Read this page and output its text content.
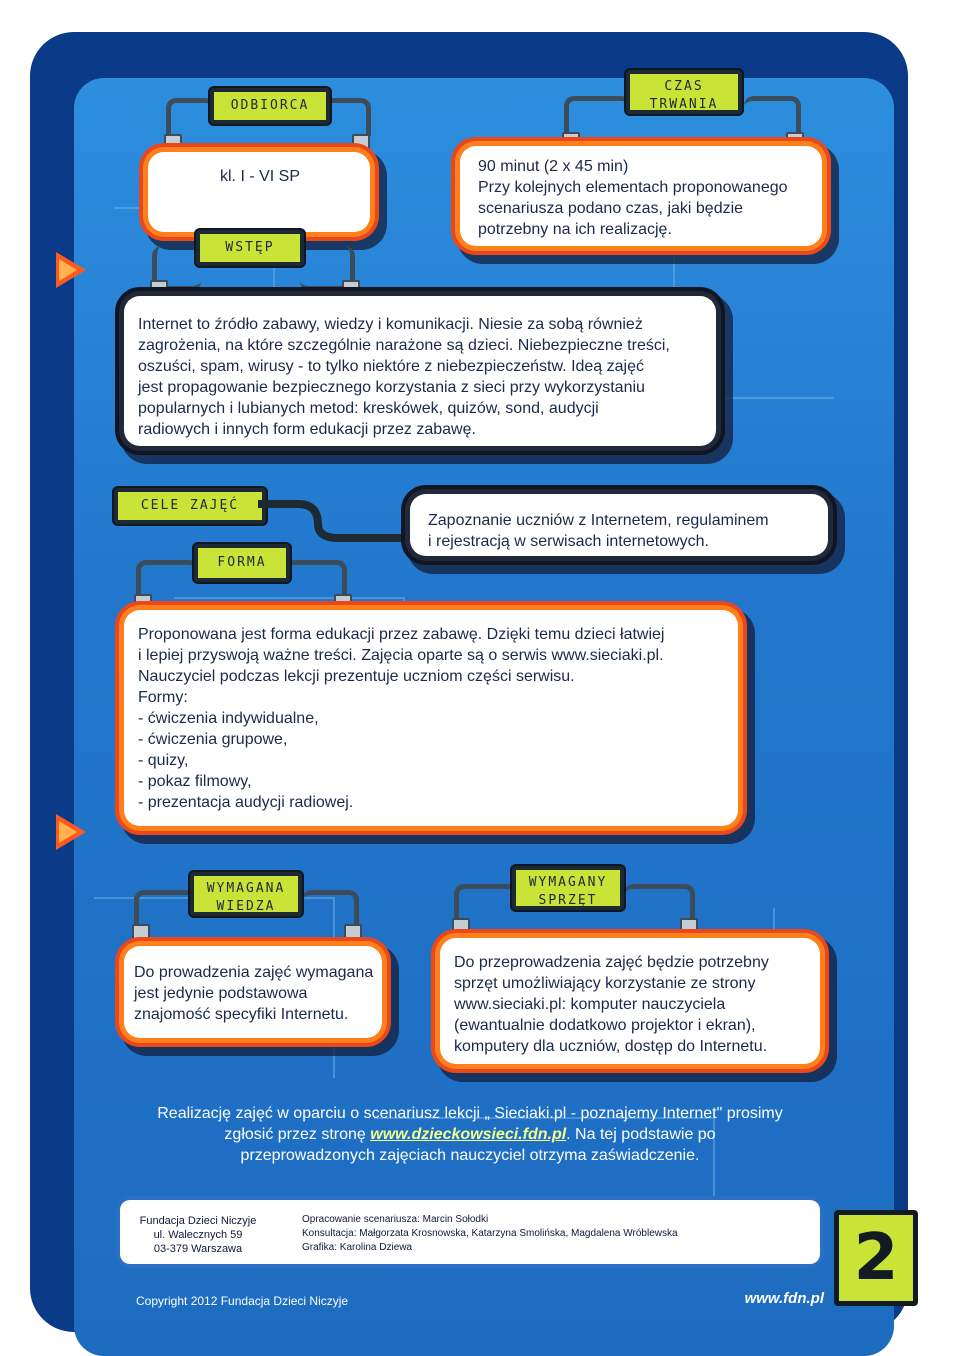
ODBIORCA
kl. I - VI SP
WSTĘP
CZAS TRWANIA
90 minut (2 x 45 min)
Przy kolejnych elementach proponowanego
scenariusza podano czas, jaki będzie
potrzebny na ich realizację.
Internet to źródło zabawy, wiedzy i komunikacji. Niesie za sobą również
zagrożenia, na które szczególnie narażone są dzieci. Niebezpieczne treści,
oszuści, spam, wirusy - to tylko niektóre z niebezpieczeństw. Ideą zajęć
jest propagowanie bezpiecznego korzystania z sieci przy wykorzystaniu
popularnych i lubianych metod: kreskówek, quizów, sond, audycji
radiowych i innych form edukacji przez zabawę.
CELE ZAJĘĆ
Zapoznanie uczniów z Internetem, regulaminem
i rejestracją w serwisach internetowych.
FORMA
Proponowana jest forma edukacji przez zabawę. Dzięki temu dzieci łatwiej
i lepiej przyswoją ważne treści. Zajęcia oparte są o serwis www.sieciaki.pl.
Nauczyciel podczas lekcji prezentuje uczniom części serwisu.
Formy:
- ćwiczenia indywidualne,
- ćwiczenia grupowe,
- quizy,
- pokaz filmowy,
- prezentacja audycji radiowej.
WYMAGANA WIEDZA
Do prowadzenia zajęć wymagana
jest jedynie podstawowa
znajomość specyfiki Internetu.
WYMAGANY SPRZĘT
Do przeprowadzenia zajęć będzie potrzebny
sprzęt umożliwiający korzystanie ze strony
www.sieciaki.pl: komputer nauczyciela
(ewantualnie dodatkowo projektor i ekran),
komputery dla uczniów, dostęp do Internetu.
Realizację zajęć w oparciu o scenariusz lekcji „ Sieciaki.pl - poznajemy Internet" prosimy
zgłosić przez stronę www.dzieckowsieci.fdn.pl. Na tej podstawie po
przeprowadzonych zajęciach nauczyciel otrzyma zaświadczenie.
Fundacja Dzieci Niczyje
ul. Walecznych 59
03-379 Warszawa
Opracowanie scenariusza: Marcin Sołodki
Konsultacja: Małgorzata Krosnowska, Katarzyna Smolińska, Magdalena Wróblewska
Grafika: Karolina Dziewa	2
Copyright 2012 Fundacja Dzieci Niczyje	www.fdn.pl
